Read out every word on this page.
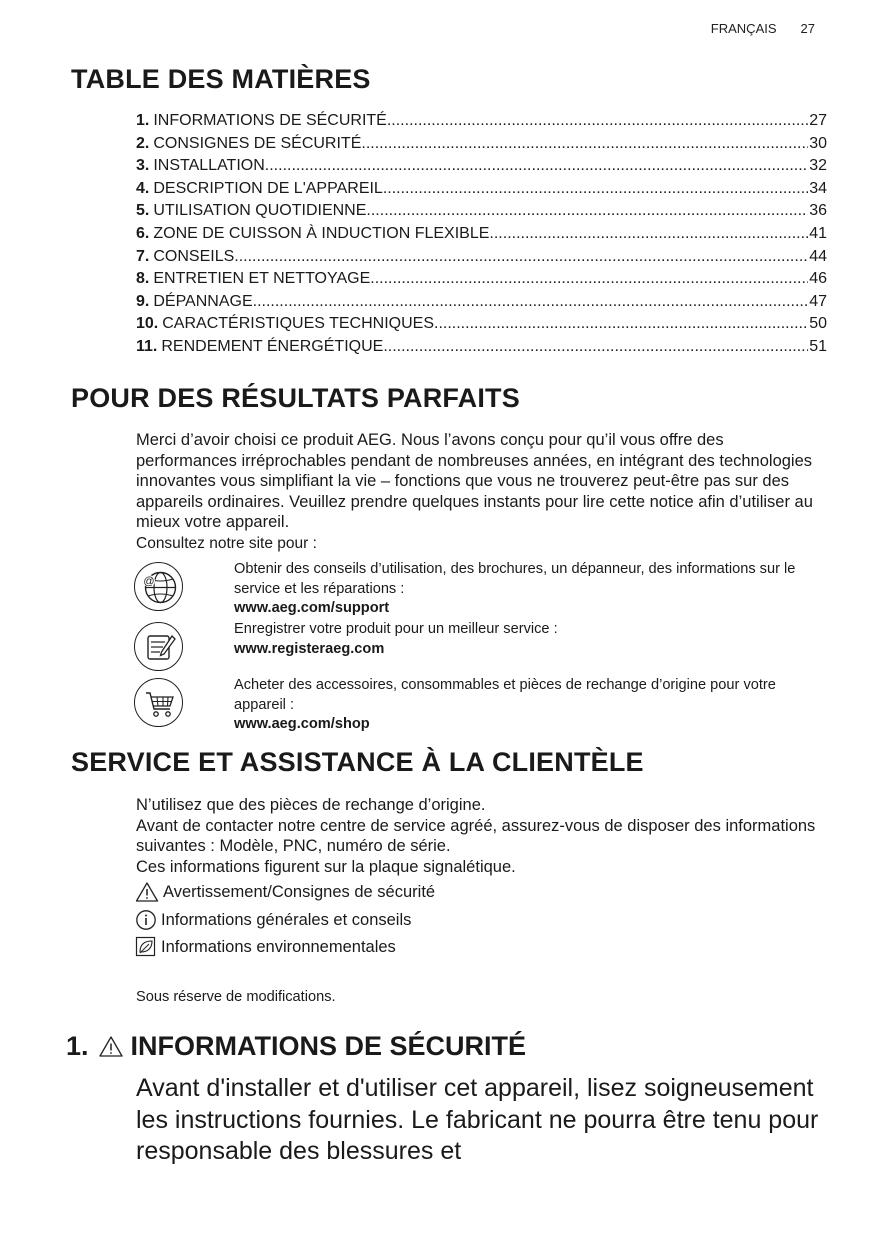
FRANÇAIS 27
TABLE DES MATIÈRES
1. INFORMATIONS DE SÉCURITÉ .....	27
2. CONSIGNES DE SÉCURITÉ .....	30
3. INSTALLATION .....	32
4. DESCRIPTION DE L'APPAREIL .....	34
5. UTILISATION QUOTIDIENNE .....	36
6. ZONE DE CUISSON À INDUCTION FLEXIBLE .....	41
7. CONSEILS .....	44
8. ENTRETIEN ET NETTOYAGE .....	46
9. DÉPANNAGE .....	47
10. CARACTÉRISTIQUES TECHNIQUES .....	50
11. RENDEMENT ÉNERGÉTIQUE .....	51
POUR DES RÉSULTATS PARFAITS

Merci d’avoir choisi ce produit AEG. Nous l’avons conçu pour qu’il vous offre des performances irréprochables pendant de nombreuses années, en intégrant des technologies innovantes vous simplifiant la vie – fonctions que vous ne trouverez peut-être pas sur des appareils ordinaires. Veuillez prendre quelques instants pour lire cette notice afin d’utiliser au mieux votre appareil.

Consultez notre site pour :

@

Obtenir des conseils d’utilisation, des brochures, un dépanneur, des informations sur le service et les réparations :
www.aeg.com/support

Enregistrer votre produit pour un meilleur service :
www.registeraeg.com

Acheter des accessoires, consommables et pièces de rechange d’origine pour votre appareil :
www.aeg.com/shop

SERVICE ET ASSISTANCE À LA CLIENTÈLE

N’utilisez que des pièces de rechange d’origine.
Avant de contacter notre centre de service agréé, assurez-vous de disposer des informations suivantes : Modèle, PNC, numéro de série.
Ces informations figurent sur la plaque signalétique.

Avertissement/Consignes de sécurité
Informations générales et conseils
Informations environnementales

Sous réserve de modifications.

1. INFORMATIONS DE SÉCURITÉ

Avant d'installer et d'utiliser cet appareil, lisez soigneusement les instructions fournies. Le fabricant ne pourra être tenu pour responsable des blessures et
